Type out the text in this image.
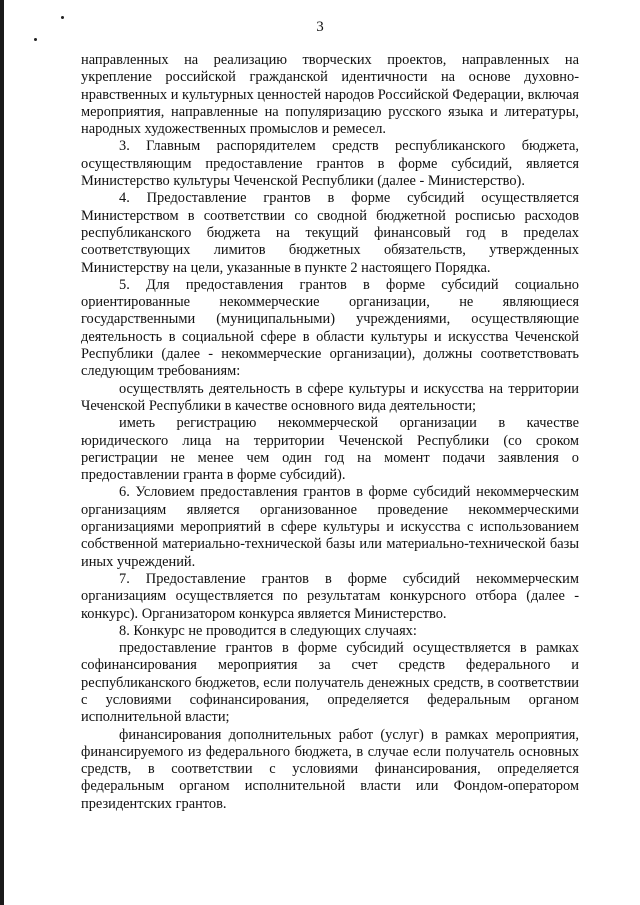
3

направленных на реализацию творческих проектов, направленных на укрепление российской гражданской идентичности на основе духовно-нравственных и культурных ценностей народов Российской Федерации, включая мероприятия, направленные на популяризацию русского языка и литературы, народных художественных промыслов и ремесел.

3. Главным распорядителем средств республиканского бюджета, осуществляющим предоставление грантов в форме субсидий, является Министерство культуры Чеченской Республики (далее - Министерство).

4. Предоставление грантов в форме субсидий осуществляется Министерством в соответствии со сводной бюджетной росписью расходов республиканского бюджета на текущий финансовый год в пределах соответствующих лимитов бюджетных обязательств, утвержденных Министерству на цели, указанные в пункте 2 настоящего Порядка.

5. Для предоставления грантов в форме субсидий социально ориентированные некоммерческие организации, не являющиеся государственными (муниципальными) учреждениями, осуществляющие деятельность в социальной сфере в области культуры и искусства Чеченской Республики (далее - некоммерческие организации), должны соответствовать следующим требованиям:

осуществлять деятельность в сфере культуры и искусства на территории Чеченской Республики в качестве основного вида деятельности;

иметь регистрацию некоммерческой организации в качестве юридического лица на территории Чеченской Республики (со сроком регистрации не менее чем один год на момент подачи заявления о предоставлении гранта в форме субсидий).

6. Условием предоставления грантов в форме субсидий некоммерческим организациям является организованное проведение некоммерческими организациями мероприятий в сфере культуры и искусства с использованием собственной материально-технической базы или материально-технической базы иных учреждений.

7. Предоставление грантов в форме субсидий некоммерческим организациям осуществляется по результатам конкурсного отбора (далее - конкурс). Организатором конкурса является Министерство.

8. Конкурс не проводится в следующих случаях:

предоставление грантов в форме субсидий осуществляется в рамках софинансирования мероприятия за счет средств федерального и республиканского бюджетов, если получатель денежных средств, в соответствии с условиями софинансирования, определяется федеральным органом исполнительной власти;

финансирования дополнительных работ (услуг) в рамках мероприятия, финансируемого из федерального бюджета, в случае если получатель основных средств, в соответствии с условиями финансирования, определяется федеральным органом исполнительной власти или Фондом-оператором президентских грантов.
